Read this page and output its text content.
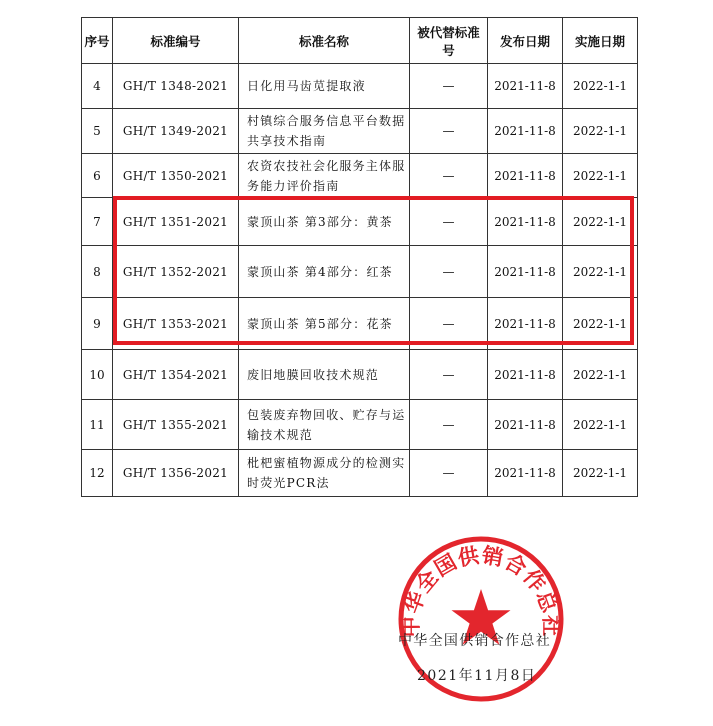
序号	标准编号	标准名称	被代替标准号	发布日期	实施日期
4	GH/T 1348-2021	日化用马齿苋提取液	—	2021-11-8	2022-1-1
5	GH/T 1349-2021	村镇综合服务信息平台数据共享技术指南	—	2021-11-8	2022-1-1
6	GH/T 1350-2021	农资农技社会化服务主体服务能力评价指南	—	2021-11-8	2022-1-1
7	GH/T 1351-2021	蒙顶山茶 第3部分：黄茶	—	2021-11-8	2022-1-1
8	GH/T 1352-2021	蒙顶山茶 第4部分：红茶	—	2021-11-8	2022-1-1
9	GH/T 1353-2021	蒙顶山茶 第5部分：花茶	—	2021-11-8	2022-1-1
10	GH/T 1354-2021	废旧地膜回收技术规范	—	2021-11-8	2022-1-1
11	GH/T 1355-2021	包装废弃物回收、贮存与运输技术规范	—	2021-11-8	2022-1-1
12	GH/T 1356-2021	枇杷蜜植物源成分的检测实时荧光PCR法	—	2021-11-8	2022-1-1
中华全国供销合作总社
中华全国供销合作总社
2021年11月8日
